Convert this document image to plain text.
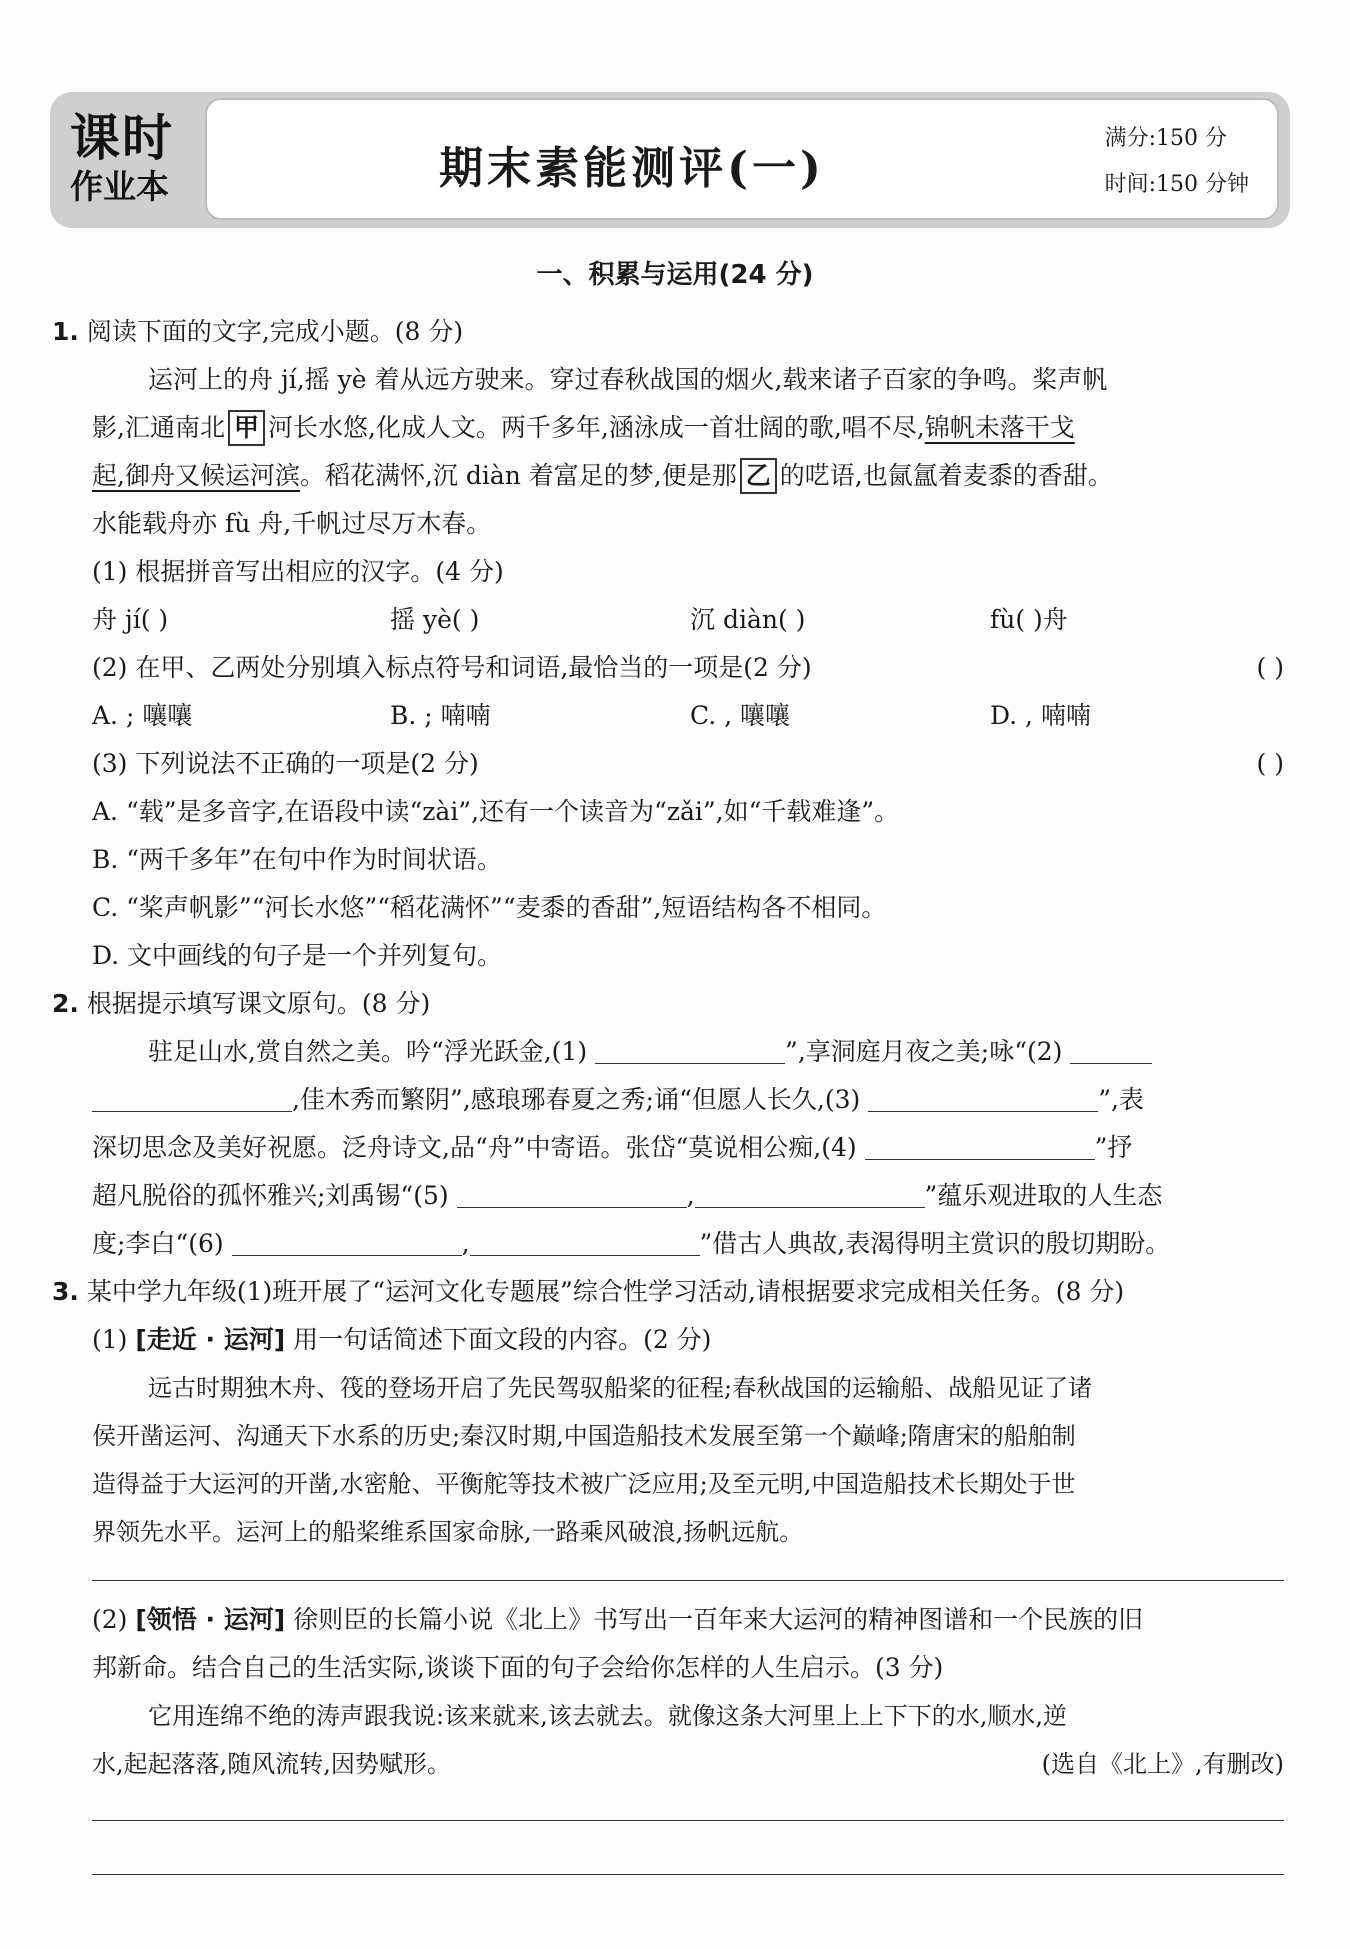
课时
作业本	期末素能测评(一)
满分:150 分
时间:150 分钟
一、积累与运用(24 分)
1. 阅读下面的文字,完成小题。(8 分)
运河上的舟 jí,摇 yè 着从远方驶来。穿过春秋战国的烟火,载来诸子百家的争鸣。桨声帆
影,汇通南北 甲 河长水悠,化成人文。两千多年,涵泳成一首壮阔的歌,唱不尽,锦帆未落干戈
起,御舟又候运河滨。稻花满怀,沉 diàn 着富足的梦,便是那 乙 的呓语,也氤氲着麦黍的香甜。
水能载舟亦 fù 舟,千帆过尽万木春。
(1) 根据拼音写出相应的汉字。(4 分)
舟 jí( )	摇 yè( )	沉 diàn( )	fù( )舟
(2) 在甲、乙两处分别填入标点符号和词语,最恰当的一项是(2 分)	( )
A. ; 嚷嚷	B. ; 喃喃	C. , 嚷嚷	D. , 喃喃
(3) 下列说法不正确的一项是(2 分)	( )
A. “载”是多音字,在语段中读“zài”,还有一个读音为“zǎi”,如“千载难逢”。
B. “两千多年”在句中作为时间状语。
C. “桨声帆影”“河长水悠”“稻花满怀”“麦黍的香甜”,短语结构各不相同。
D. 文中画线的句子是一个并列复句。
2. 根据提示填写课文原句。(8 分)
驻足山水,赏自然之美。吟“浮光跃金,(1)	”,享洞庭月夜之美;咏“(2)
,佳木秀而繁阴”,感琅琊春夏之秀;诵“但愿人长久,(3)	”,表
深切思念及美好祝愿。泛舟诗文,品“舟”中寄语。张岱“莫说相公痴,(4)	”抒
超凡脱俗的孤怀雅兴;刘禹锡“(5)	,	”蕴乐观进取的人生态
度;李白“(6)	,	”借古人典故,表渴得明主赏识的殷切期盼。
3. 某中学九年级(1)班开展了“运河文化专题展”综合性学习活动,请根据要求完成相关任务。(8 分)
(1) [走近 · 运河] 用一句话简述下面文段的内容。(2 分)
远古时期独木舟、筏的登场开启了先民驾驭船桨的征程;春秋战国的运输船、战船见证了诸
侯开凿运河、沟通天下水系的历史;秦汉时期,中国造船技术发展至第一个巅峰;隋唐宋的船舶制
造得益于大运河的开凿,水密舱、平衡舵等技术被广泛应用;及至元明,中国造船技术长期处于世
界领先水平。运河上的船桨维系国家命脉,一路乘风破浪,扬帆远航。
(2) [领悟 · 运河] 徐则臣的长篇小说《北上》书写出一百年来大运河的精神图谱和一个民族的旧
邦新命。结合自己的生活实际,谈谈下面的句子会给你怎样的人生启示。(3 分)
它用连绵不绝的涛声跟我说:该来就来,该去就去。就像这条大河里上上下下的水,顺水,逆
水,起起落落,随风流转,因势赋形。	(选自《北上》,有删改)
